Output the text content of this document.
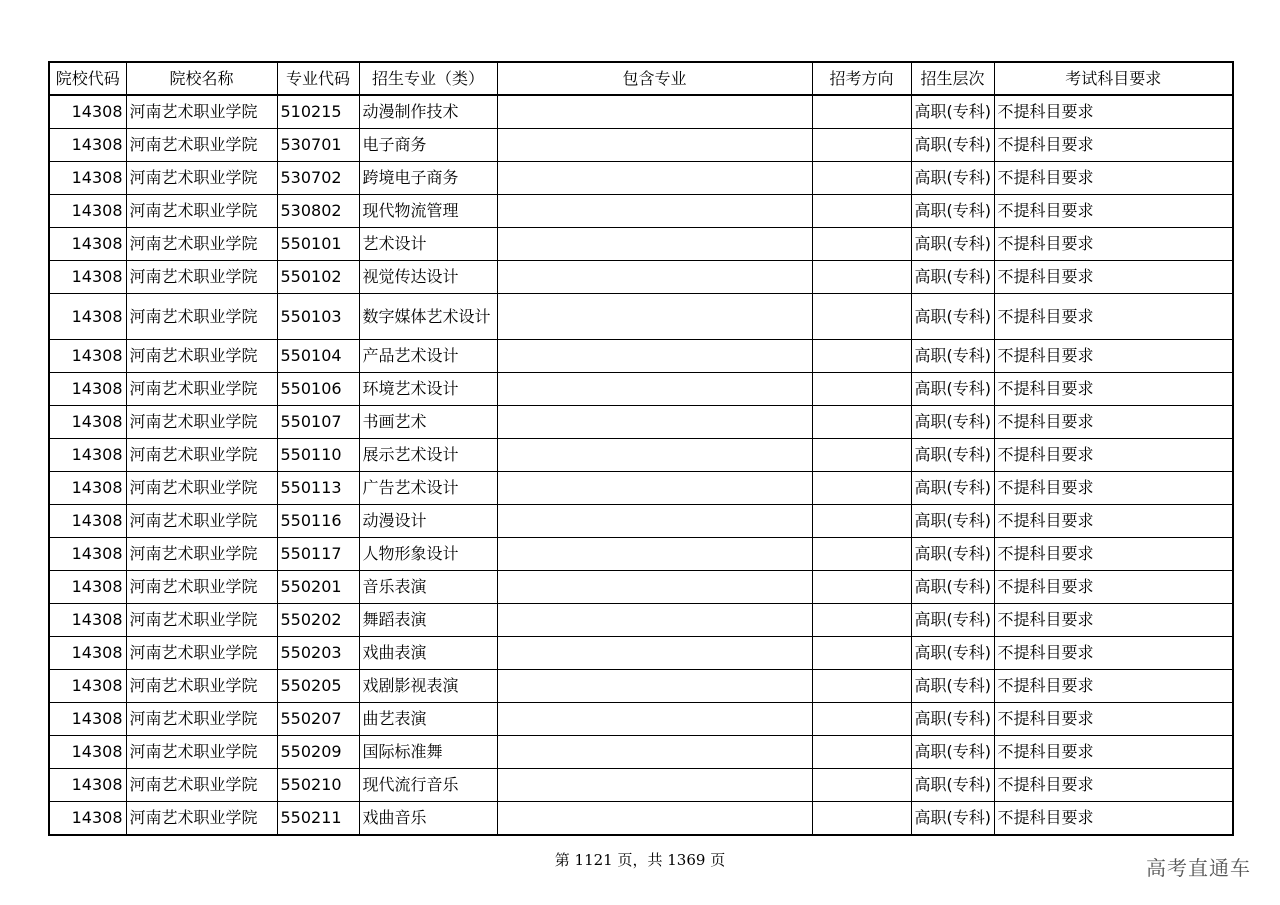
院校代码	院校名称	专业代码	招生专业（类）	包含专业	招考方向	招生层次	考试科目要求
14308	河南艺术职业学院	510215	动漫制作技术			高职(专科)	不提科目要求
14308	河南艺术职业学院	530701	电子商务			高职(专科)	不提科目要求
14308	河南艺术职业学院	530702	跨境电子商务			高职(专科)	不提科目要求
14308	河南艺术职业学院	530802	现代物流管理			高职(专科)	不提科目要求
14308	河南艺术职业学院	550101	艺术设计			高职(专科)	不提科目要求
14308	河南艺术职业学院	550102	视觉传达设计			高职(专科)	不提科目要求
14308	河南艺术职业学院	550103	数字媒体艺术设计			高职(专科)	不提科目要求
14308	河南艺术职业学院	550104	产品艺术设计			高职(专科)	不提科目要求
14308	河南艺术职业学院	550106	环境艺术设计			高职(专科)	不提科目要求
14308	河南艺术职业学院	550107	书画艺术			高职(专科)	不提科目要求
14308	河南艺术职业学院	550110	展示艺术设计			高职(专科)	不提科目要求
14308	河南艺术职业学院	550113	广告艺术设计			高职(专科)	不提科目要求
14308	河南艺术职业学院	550116	动漫设计			高职(专科)	不提科目要求
14308	河南艺术职业学院	550117	人物形象设计			高职(专科)	不提科目要求
14308	河南艺术职业学院	550201	音乐表演			高职(专科)	不提科目要求
14308	河南艺术职业学院	550202	舞蹈表演			高职(专科)	不提科目要求
14308	河南艺术职业学院	550203	戏曲表演			高职(专科)	不提科目要求
14308	河南艺术职业学院	550205	戏剧影视表演			高职(专科)	不提科目要求
14308	河南艺术职业学院	550207	曲艺表演			高职(专科)	不提科目要求
14308	河南艺术职业学院	550209	国际标准舞			高职(专科)	不提科目要求
14308	河南艺术职业学院	550210	现代流行音乐			高职(专科)	不提科目要求
14308	河南艺术职业学院	550211	戏曲音乐			高职(专科)	不提科目要求
第 1121 页，共 1369 页	高考直通车
